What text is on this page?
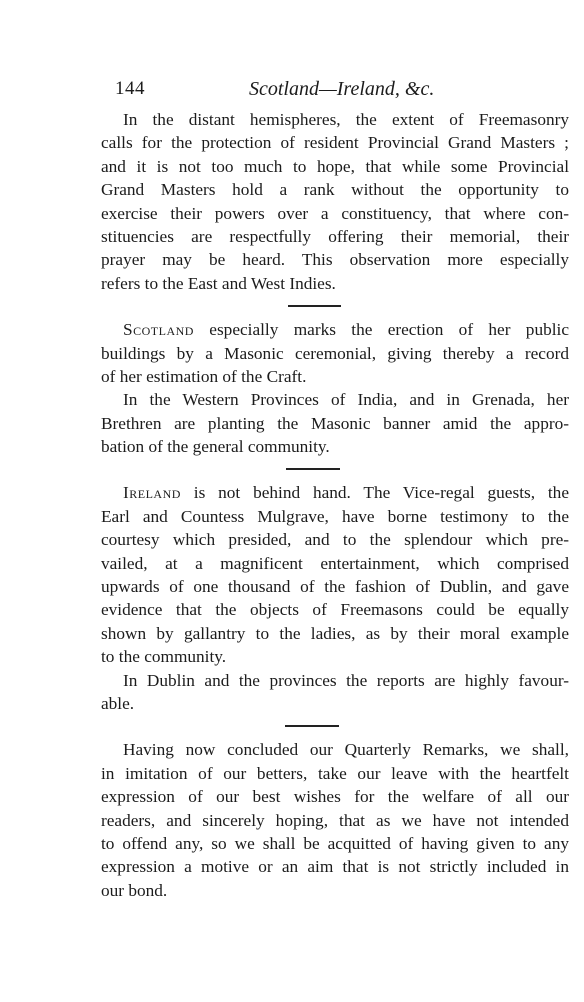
144	Scotland—Ireland, &c.
In the distant hemispheres, the extent of Freemasonry
calls for the protection of resident Provincial Grand Masters ;
and it is not too much to hope, that while some Provincial
Grand Masters hold a rank without the opportunity to
exercise their powers over a constituency, that where con-
stituencies are respectfully offering their memorial, their
prayer may be heard. This observation more especially
refers to the East and West Indies.
Scotland especially marks the erection of her public
buildings by a Masonic ceremonial, giving thereby a record
of her estimation of the Craft.
In the Western Provinces of India, and in Grenada, her
Brethren are planting the Masonic banner amid the appro-
bation of the general community.
Ireland is not behind hand. The Vice-regal guests, the
Earl and Countess Mulgrave, have borne testimony to the
courtesy which presided, and to the splendour which pre-
vailed, at a magnificent entertainment, which comprised
upwards of one thousand of the fashion of Dublin, and gave
evidence that the objects of Freemasons could be equally
shown by gallantry to the ladies, as by their moral example
to the community.
In Dublin and the provinces the reports are highly favour-
able.
Having now concluded our Quarterly Remarks, we shall,
in imitation of our betters, take our leave with the heartfelt
expression of our best wishes for the welfare of all our
readers, and sincerely hoping, that as we have not intended
to offend any, so we shall be acquitted of having given to any
expression a motive or an aim that is not strictly included in
our bond.
